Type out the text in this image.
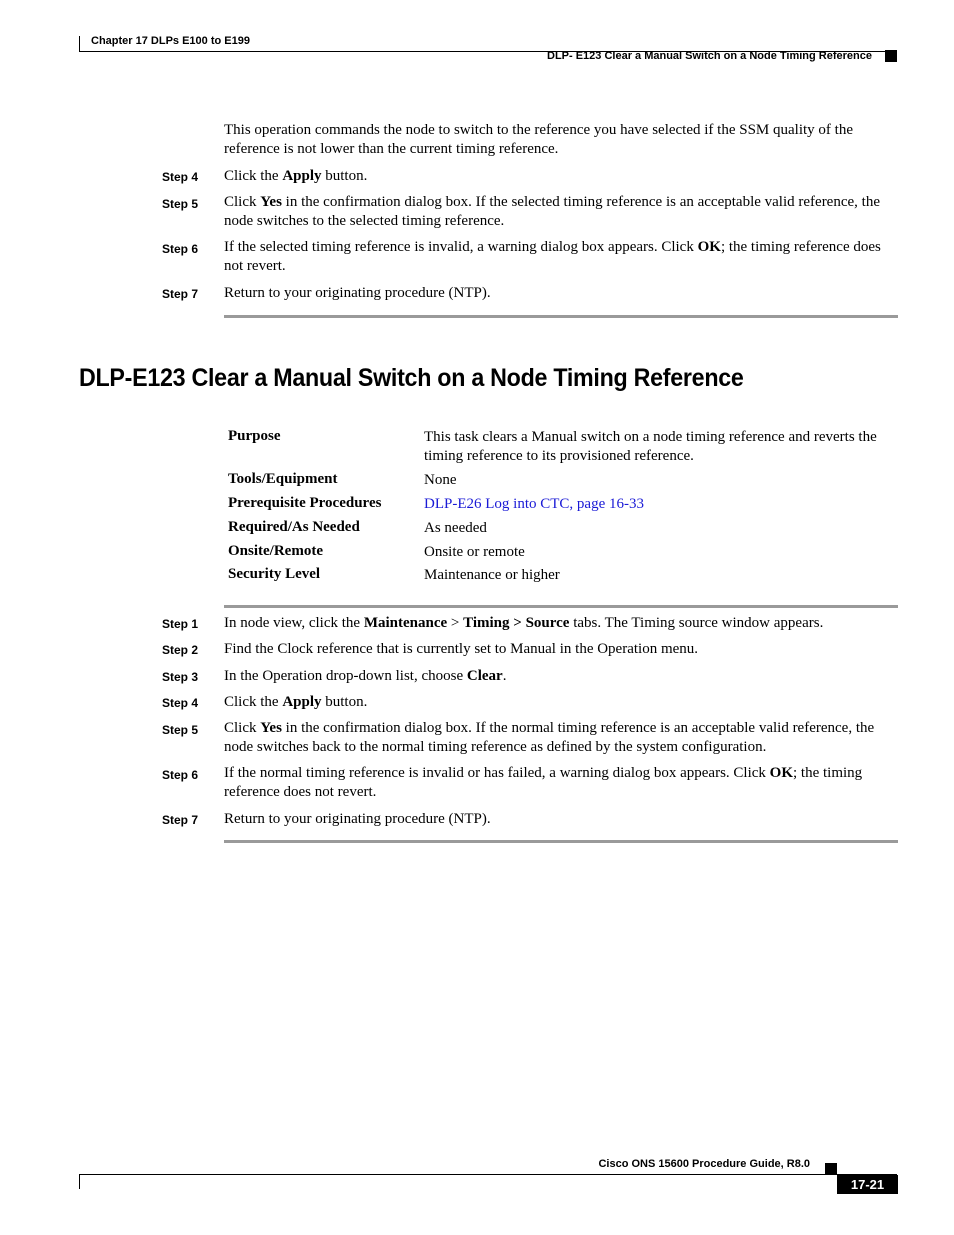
Chapter 17 DLPs E100 to E199
DLP- E123 Clear a Manual Switch on a Node Timing Reference
This operation commands the node to switch to the reference you have selected if the SSM quality of the
reference is not lower than the current timing reference.
Step 4 Click the Apply button.
Step 5 Click Yes in the confirmation dialog box. If the selected timing reference is an acceptable valid reference, the node switches to the selected timing reference.
Step 6 If the selected timing reference is invalid, a warning dialog box appears. Click OK; the timing reference does not revert.
Step 7 Return to your originating procedure (NTP).
DLP-E123 Clear a Manual Switch on a Node Timing Reference
Purpose	This task clears a Manual switch on a node timing reference and reverts the timing reference to its provisioned reference.
Tools/Equipment	None
Prerequisite Procedures	DLP-E26 Log into CTC, page 16-33
Required/As Needed	As needed
Onsite/Remote	Onsite or remote
Security Level	Maintenance or higher
Step 1 In node view, click the Maintenance > Timing > Source tabs. The Timing source window appears.
Step 2 Find the Clock reference that is currently set to Manual in the Operation menu.
Step 3 In the Operation drop-down list, choose Clear.
Step 4 Click the Apply button.
Step 5 Click Yes in the confirmation dialog box. If the normal timing reference is an acceptable valid reference, the node switches back to the normal timing reference as defined by the system configuration.
Step 6 If the normal timing reference is invalid or has failed, a warning dialog box appears. Click OK; the timing reference does not revert.
Step 7 Return to your originating procedure (NTP).
Cisco ONS 15600 Procedure Guide, R8.0
17-21
